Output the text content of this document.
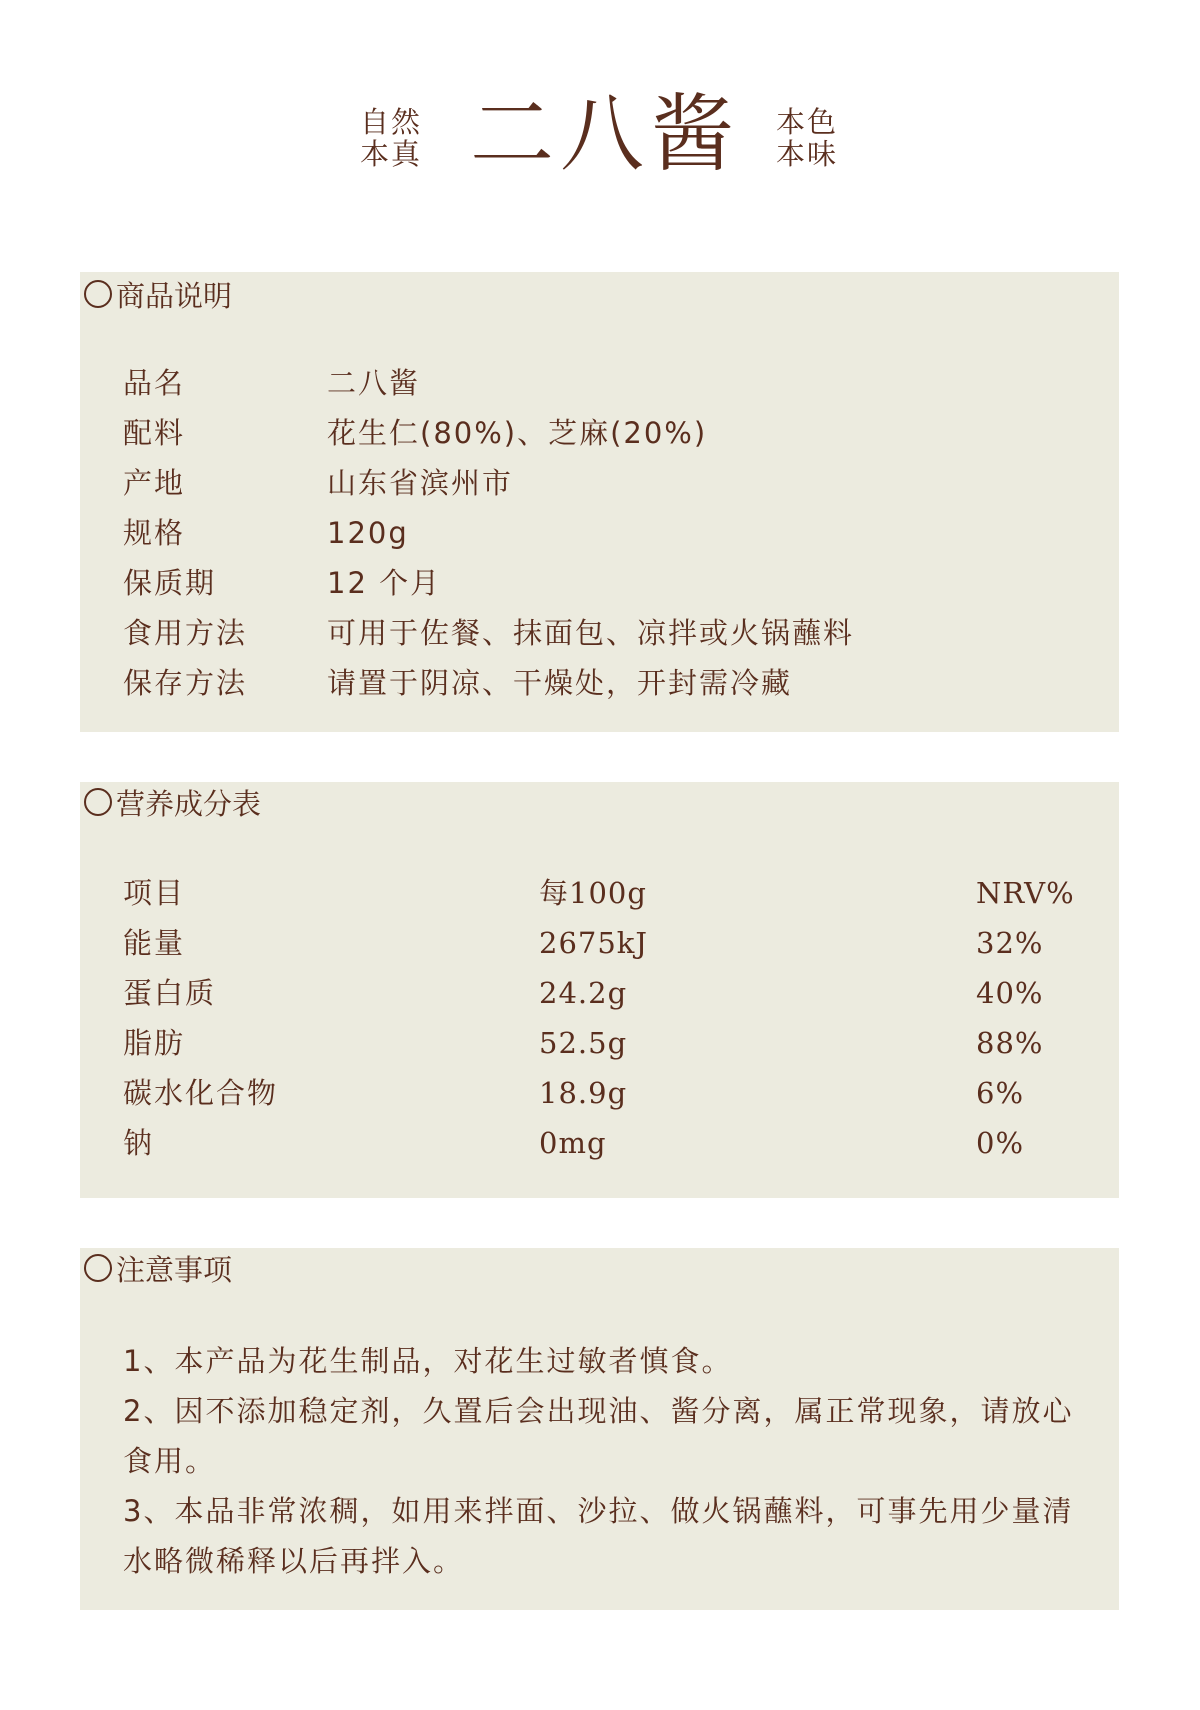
自然
本真 二八酱 本色
本味
商品说明
品名	二八酱
配料	花生仁(80%)、芝麻(20%)
产地	山东省滨州市
规格	120g
保质期	12 个月
食用方法	可用于佐餐、抹面包、凉拌或火锅蘸料
保存方法	请置于阴凉、干燥处，开封需冷藏
营养成分表
项目	每100g	NRV%
能量	2675kJ	32%
蛋白质	24.2g	40%
脂肪	52.5g	88%
碳水化合物	18.9g	6%
钠	0mg	0%
注意事项
1、本产品为花生制品，对花生过敏者慎食。
2、因不添加稳定剂，久置后会出现油、酱分离，属正常现象，请放心食用。
3、本品非常浓稠，如用来拌面、沙拉、做火锅蘸料，可事先用少量清水略微稀释以后再拌入。
